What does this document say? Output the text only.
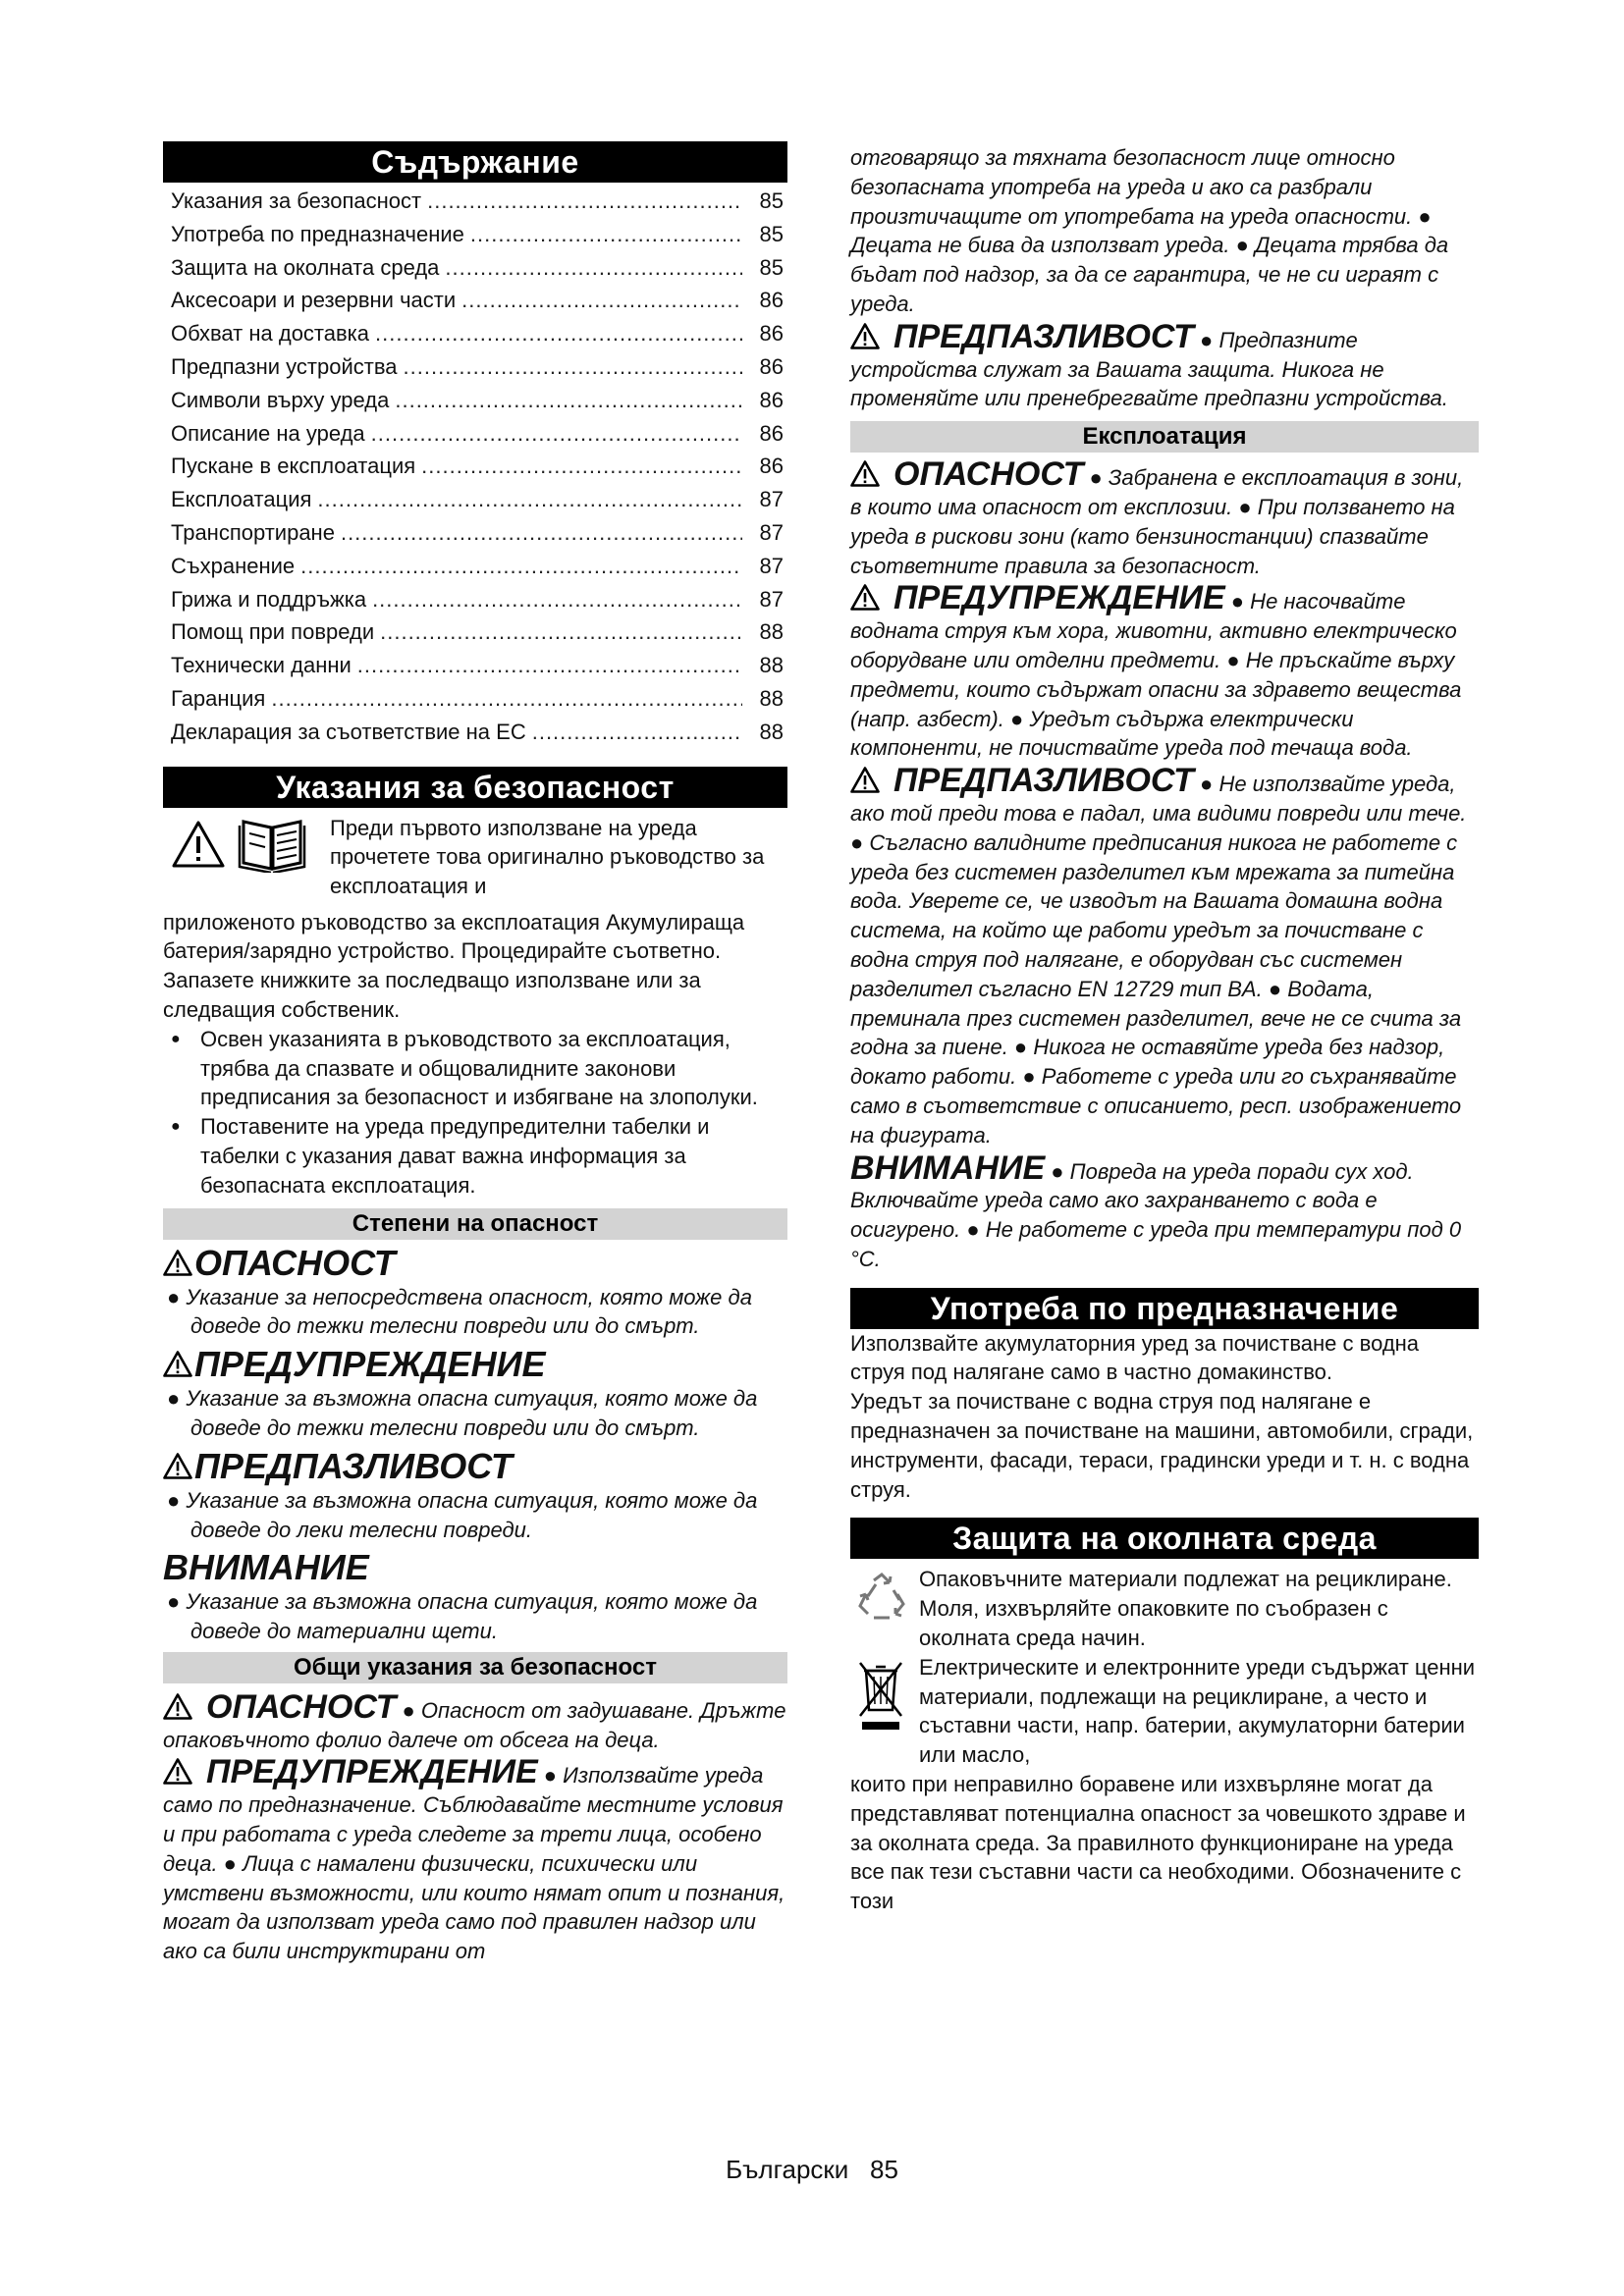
Съдържание
Указания за безопасност .....	85
Употреба по предназначение .....	85
Защита на околната среда .....	85
Аксесоари и резервни части .....	86
Обхват на доставка .....	86
Предпазни устройства .....	86
Символи върху уреда .....	86
Описание на уреда .....	86
Пускане в експлоатация .....	86
Експлоатация .....	87
Транспортиране .....	87
Съхранение .....	87
Грижа и поддръжка .....	87
Помощ при повреди .....	88
Технически данни .....	88
Гаранция .....	88
Декларация за съответствие на ЕС .....	88
Указания за безопасност
Преди първото използване на уреда прочетете това оригинално ръководство за експлоатация и

приложеното ръководство за експлоатация Акумулираща батерия/зарядно устройство. Процедирайте съответно. Запазете книжките за последващо използване или за следващия собственик.

● Освен указанията в ръководството за експлоатация, трябва да спазвате и общовалидните законови предписания за безопасност и избягване на злополуки.
● Поставените на уреда предупредителни табелки и табелки с указания дават важна информация за безопасната експлоатация.
Степени на опасност
ОПАСНОСТ
● Указание за непосредствена опасност, която може да доведе до тежки телесни повреди или до смърт.
ПРЕДУПРЕЖДЕНИЕ
● Указание за възможна опасна ситуация, която може да доведе до тежки телесни повреди или до смърт.
ПРЕДПАЗЛИВОСТ
● Указание за възможна опасна ситуация, която може да доведе до леки телесни повреди.
ВНИМАНИЕ
● Указание за възможна опасна ситуация, която може да доведе до материални щети.
Общи указания за безопасност
ОПАСНОСТ ● Опасност от задушаване. Дръжте опаковъчното фолио далече от обсега на деца.
ПРЕДУПРЕЖДЕНИЕ ● Използвайте уреда само по предназначение. Съблюдавайте местните условия и при работата с уреда следете за трети лица, особено деца. ● Лица с намалени физически, психически или умствени възможности, или които нямат опит и познания, могат да използват уреда само под правилен надзор или ако са били инструктирани от

отговарящо за тяхната безопасност лице относно безопасната употреба на уреда и ако са разбрали произтичащите от употребата на уреда опасности. ● Децата не бива да използват уреда. ● Децата трябва да бъдат под надзор, за да се гарантира, че не си играят с уреда.

ПРЕДПАЗЛИВОСТ ● Предпазните устройства служат за Вашата защита. Никога не променяйте или пренебрегвайте предпазни устройства.
Експлоатация
ОПАСНОСТ ● Забранена е експлоатация в зони, в които има опасност от експлозии. ● При ползването на уреда в рискови зони (като бензиностанции) спазвайте съответните правила за безопасност.
ПРЕДУПРЕЖДЕНИЕ ● Не насочвайте водната струя към хора, животни, активно електрическо оборудване или отделни предмети. ● Не пръскайте върху предмети, които съдържат опасни за здравето вещества (напр. азбест). ● Уредът съдържа електрически компоненти, не почиствайте уреда под течаща вода.
ПРЕДПАЗЛИВОСТ ● Не използвайте уреда, ако той преди това е падал, има видими повреди или тече. ● Съгласно валидните предписания никога не работете с уреда без системен разделител към мрежата за питейна вода. Уверете се, че изводът на Вашата домашна водна система, на който ще работи уредът за почистване с водна струя под налягане, е оборудван със системен разделител съгласно EN 12729 тип BA. ● Водата, преминала през системен разделител, вече не се счита за годна за пиене. ● Никога не оставяйте уреда без надзор, докато работи. ● Работете с уреда или го съхранявайте само в съответствие с описанието, респ. изображението на фигурата.
ВНИМАНИЕ ● Повреда на уреда поради сух ход. Включвайте уреда само ако захранването с вода е осигурено. ● Не работете с уреда при температури под 0 °C.
Употреба по предназначение

Използвайте акумулаторния уред за почистване с водна струя под налягане само в частно домакинство.

Уредът за почистване с водна струя под налягане е предназначен за почистване на машини, автомобили, сгради, инструменти, фасади, тераси, градински уреди и т. н. с водна струя.

Защита на околната среда

Опаковъчните материали подлежат на рециклиране. Моля, изхвърляйте опаковките по съобразен с околната среда начин.

Електрическите и електронните уреди съдържат ценни материали, подлежащи на рециклиране, а често и съставни части, напр. батерии, акумулаторни батерии или масло,

които при неправилно боравене или изхвърляне могат да представляват потенциална опасност за човешкото здраве и за околната среда. За правилното функциониране на уреда все пак тези съставни части са необходими. Обозначените с този

Български 85
